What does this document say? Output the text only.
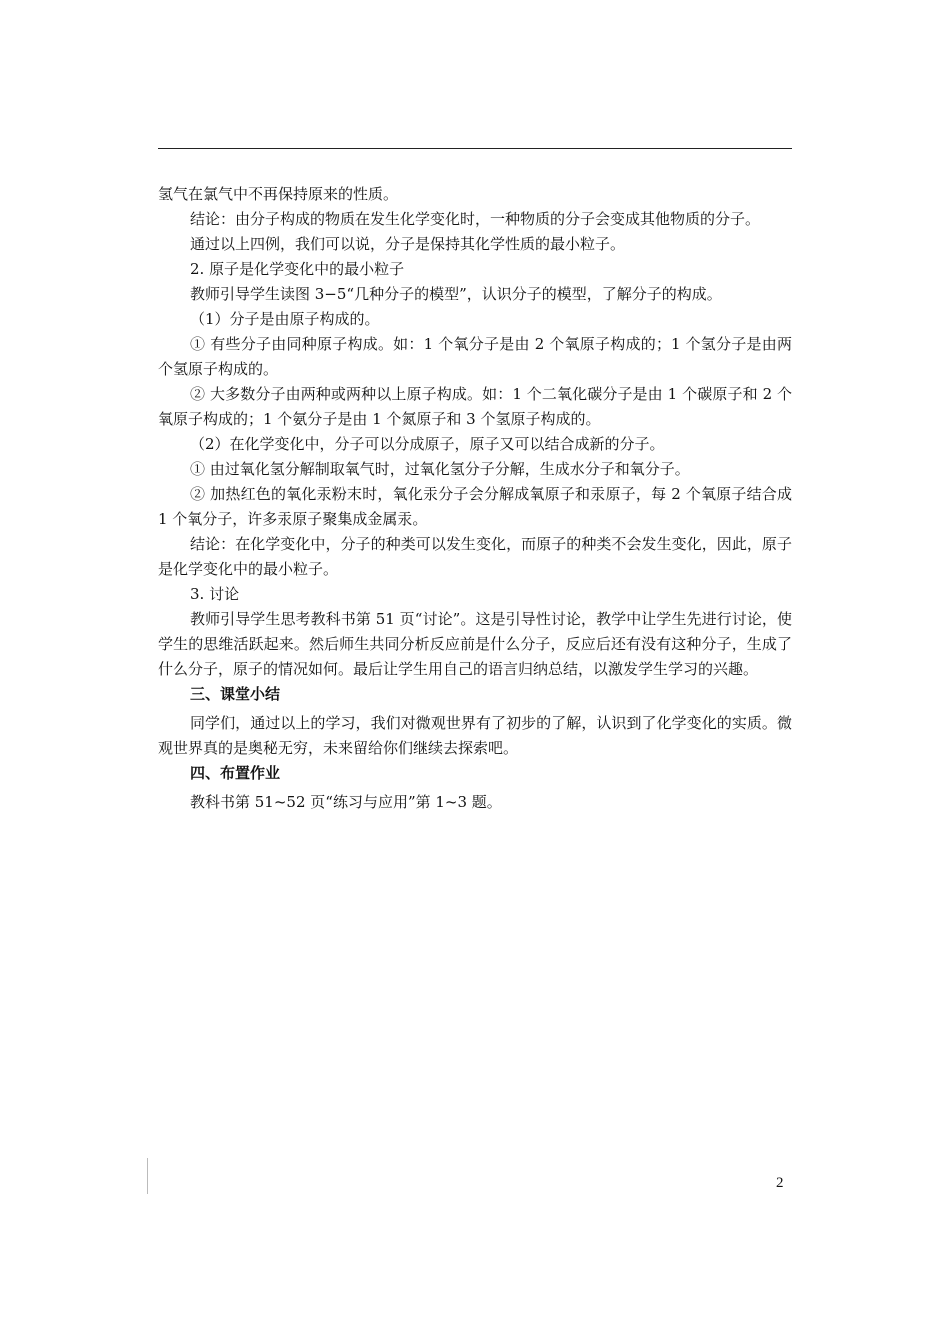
氢气在氯气中不再保持原来的性质。

结论：由分子构成的物质在发生化学变化时，一种物质的分子会变成其他物质的分子。

通过以上四例，我们可以说，分子是保持其化学性质的最小粒子。

2. 原子是化学变化中的最小粒子

教师引导学生读图 3−5“几种分子的模型”，认识分子的模型，了解分子的构成。

（1）分子是由原子构成的。

① 有些分子由同种原子构成。如：1 个氧分子是由 2 个氧原子构成的；1 个氢分子是由两个氢原子构成的。

② 大多数分子由两种或两种以上原子构成。如：1 个二氧化碳分子是由 1 个碳原子和 2 个氧原子构成的；1 个氨分子是由 1 个氮原子和 3 个氢原子构成的。

（2）在化学变化中，分子可以分成原子，原子又可以结合成新的分子。

① 由过氧化氢分解制取氧气时，过氧化氢分子分解，生成水分子和氧分子。

② 加热红色的氧化汞粉末时，氧化汞分子会分解成氧原子和汞原子，每 2 个氧原子结合成 1 个氧分子，许多汞原子聚集成金属汞。

结论：在化学变化中，分子的种类可以发生变化，而原子的种类不会发生变化，因此，原子是化学变化中的最小粒子。

3. 讨论

教师引导学生思考教科书第 51 页“讨论”。这是引导性讨论，教学中让学生先进行讨论，使学生的思维活跃起来。然后师生共同分析反应前是什么分子，反应后还有没有这种分子，生成了什么分子，原子的情况如何。最后让学生用自己的语言归纳总结，以激发学生学习的兴趣。

三、课堂小结

同学们，通过以上的学习，我们对微观世界有了初步的了解，认识到了化学变化的实质。微观世界真的是奥秘无穷，未来留给你们继续去探索吧。

四、布置作业

教科书第 51~52 页“练习与应用”第 1~3 题。

2
